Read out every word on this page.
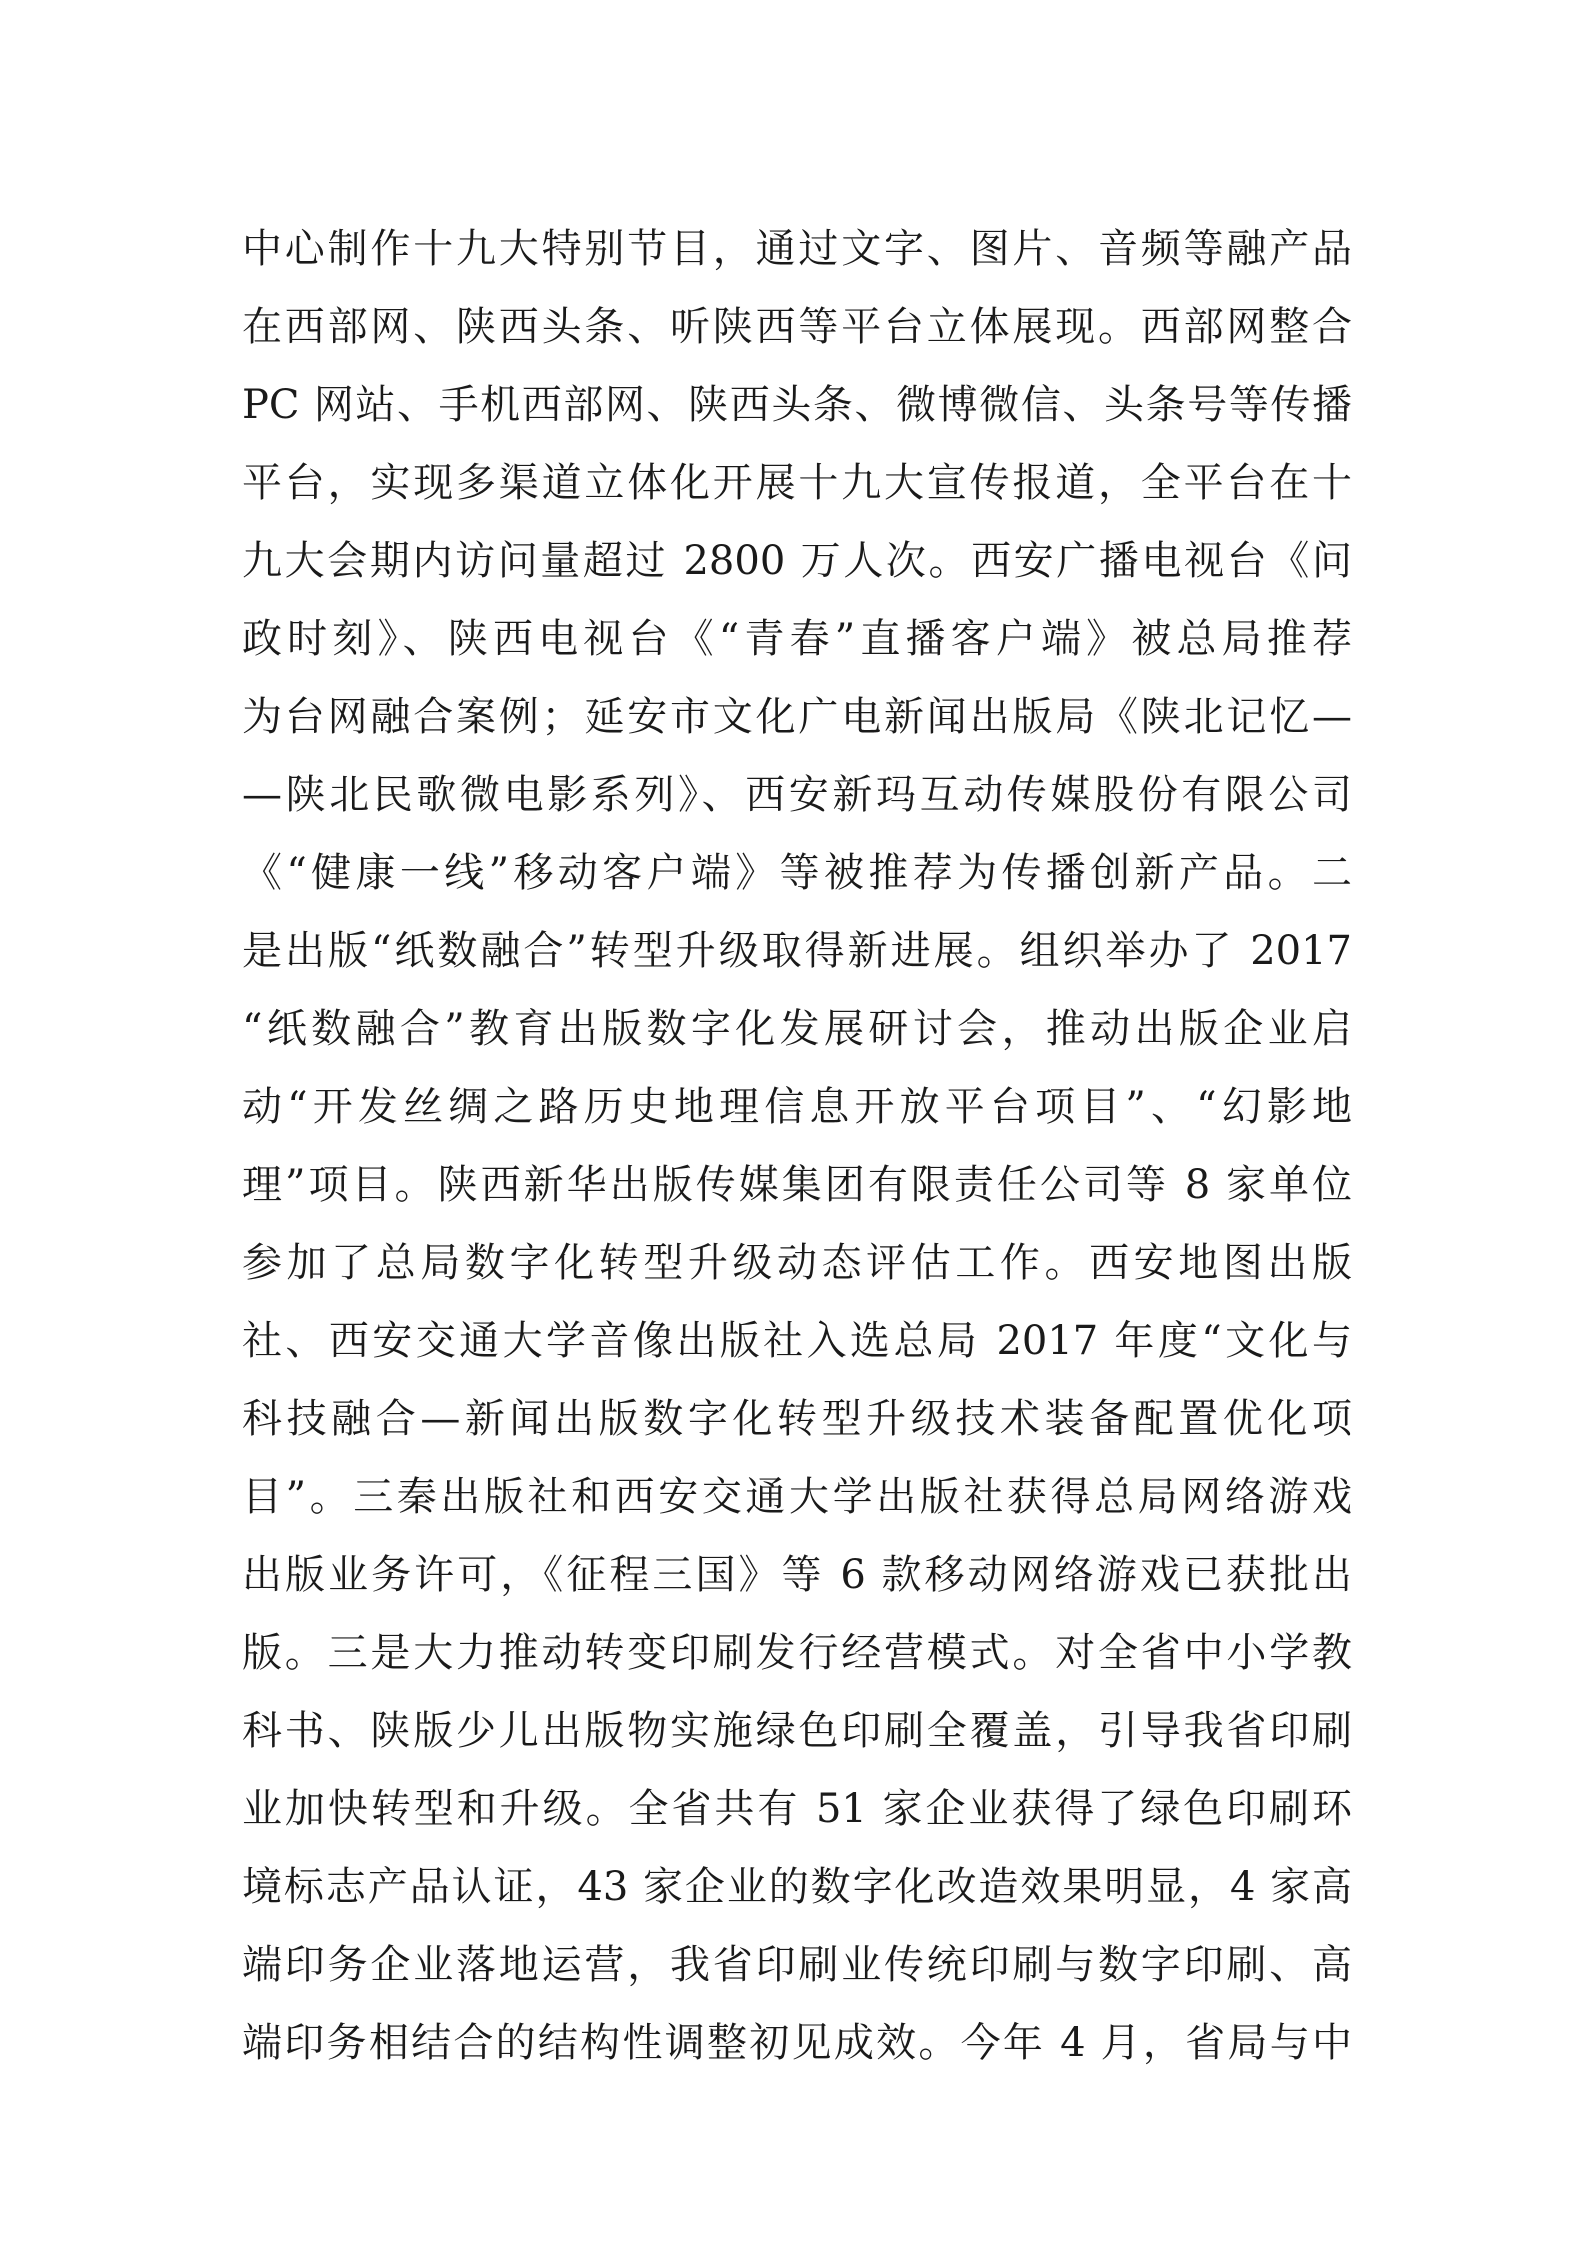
中心制作十九大特别节目，通过文字、图片、音频等融产品
在西部网、陕西头条、听陕西等平台立体展现。西部网整合
PC 网站、手机西部网、陕西头条、微博微信、头条号等传播
平台，实现多渠道立体化开展十九大宣传报道，全平台在十
九大会期内访问量超过 2800 万人次。西安广播电视台《问
政时刻》、陕西电视台《“青春”直播客户端》被总局推荐
为台网融合案例；延安市文化广电新闻出版局《陕北记忆—
—陕北民歌微电影系列》、西安新玛互动传媒股份有限公司
《“健康一线”移动客户端》等被推荐为传播创新产品。二
是出版“纸数融合”转型升级取得新进展。组织举办了 2017
“纸数融合”教育出版数字化发展研讨会，推动出版企业启
动“开发丝绸之路历史地理信息开放平台项目”、“幻影地
理”项目。陕西新华出版传媒集团有限责任公司等 8 家单位
参加了总局数字化转型升级动态评估工作。西安地图出版
社、西安交通大学音像出版社入选总局 2017 年度“文化与
科技融合—新闻出版数字化转型升级技术装备配置优化项
目”。三秦出版社和西安交通大学出版社获得总局网络游戏
出版业务许可，《征程三国》等 6 款移动网络游戏已获批出
版。三是大力推动转变印刷发行经营模式。对全省中小学教
科书、陕版少儿出版物实施绿色印刷全覆盖，引导我省印刷
业加快转型和升级。全省共有 51 家企业获得了绿色印刷环
境标志产品认证，43 家企业的数字化改造效果明显，4 家高
端印务企业落地运营，我省印刷业传统印刷与数字印刷、高
端印务相结合的结构性调整初见成效。今年 4 月，省局与中
